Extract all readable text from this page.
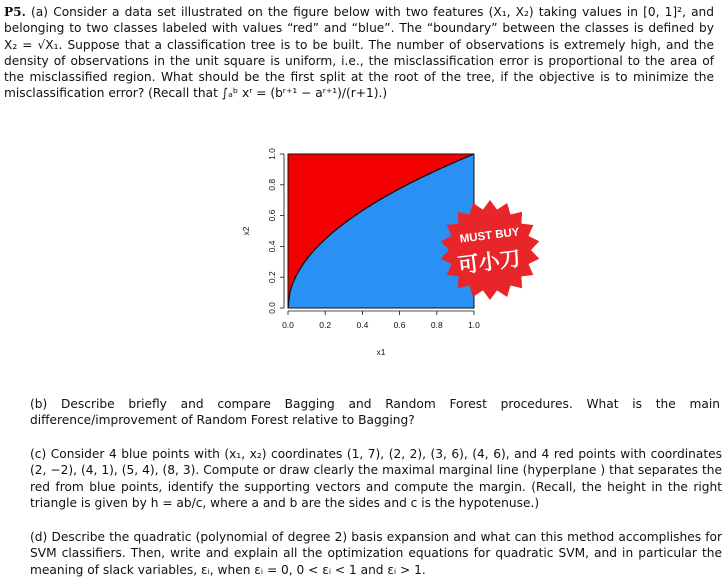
P5. (a) Consider a data set illustrated on the figure below with two features (X₁, X₂) taking values in [0, 1]², and belonging to two classes labeled with values “red” and “blue”. The “boundary” between the classes is defined by X₂ = √X₁. Suppose that a classification tree is to be built. The number of observations is extremely high, and the density of observations in the unit square is uniform, i.e., the misclassification error is proportional to the area of the misclassified region. What should be the first split at the root of the tree, if the objective is to minimize the misclassification error? (Recall that ∫ₐᵇ xʳ = (bʳ⁺¹ − aʳ⁺¹)/(r+1).)
0.0	0.2	0.4	0.6	0.8	1.0
x1
0.0
0.2
0.4
0.6
0.8
1.0
x2	MUST BUY
可小刀
(b) Describe briefly and compare Bagging and Random Forest procedures. What is the main difference/improvement of Random Forest relative to Bagging?
(c) Consider 4 blue points with (x₁, x₂) coordinates (1, 7), (2, 2), (3, 6), (4, 6), and 4 red points with coordinates (2, −2), (4, 1), (5, 4), (8, 3). Compute or draw clearly the maximal marginal line (hyperplane ) that separates the red from blue points, identify the supporting vectors and compute the margin. (Recall, the height in the right triangle is given by h = ab/c, where a and b are the sides and c is the hypotenuse.)
(d) Describe the quadratic (polynomial of degree 2) basis expansion and what can this method accomplishes for SVM classifiers. Then, write and explain all the optimization equations for quadratic SVM, and in particular the meaning of slack variables, εᵢ, when εᵢ = 0, 0 < εᵢ < 1 and εᵢ > 1.
